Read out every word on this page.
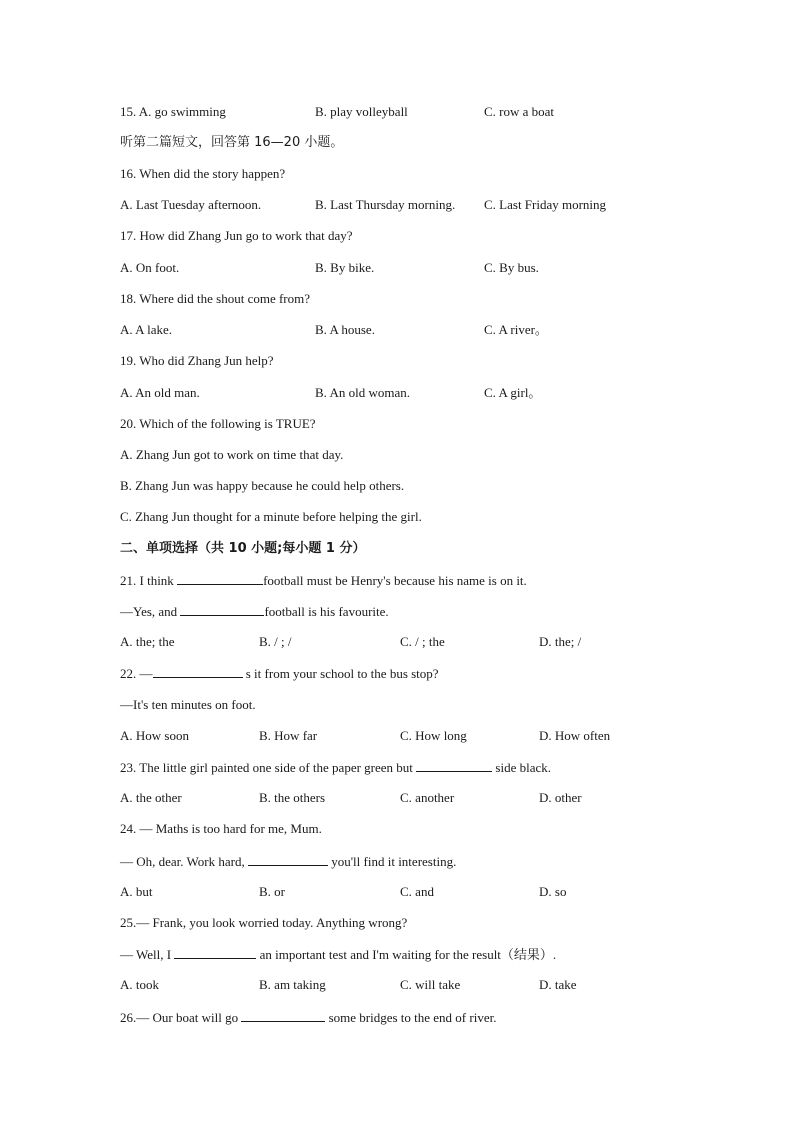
15. A. go swimming	B. play volleyball	C. row a boat
听第二篇短文，回答第 16—20 小题。
16. When did the story happen?
A. Last Tuesday afternoon.	B. Last Thursday morning. C. Last Friday morning
17. How did Zhang Jun go to work that day?
A. On foot.	B. By bike.	C. By bus.
18. Where did the shout come from?
A. A lake.	B. A house.	C. A river。
19. Who did Zhang Jun help?
A. An old man.	B. An old woman.	C. A girl。
20. Which of the following is TRUE?
A. Zhang Jun got to work on time that day.
B. Zhang Jun was happy because he could help others.
C. Zhang Jun thought for a minute before helping the girl.
二、单项选择（共 10 小题;每小题 1 分）
21. I think	football must be Henry's because his name is on it.
—Yes, and	football is his favourite.
A. the; the	B. / ; /	C. / ; the	D. the; /
22. —	s it from your school to the bus stop?
—It's ten minutes on foot.
A. How soon	B. How far	C. How long	D. How often
23. The little girl painted one side of the paper green but	side black.
A. the other	B. the others	C. another	D. other
24. — Maths is too hard for me, Mum.
— Oh, dear. Work hard,	you'll find it interesting.
A. but	B. or	C. and	D. so
25.— Frank, you look worried today. Anything wrong?
— Well, I	an important test and I'm waiting for the result（结果）.
A. took	B. am taking	C. will take	D. take
26.— Our boat will go	some bridges to the end of river.
